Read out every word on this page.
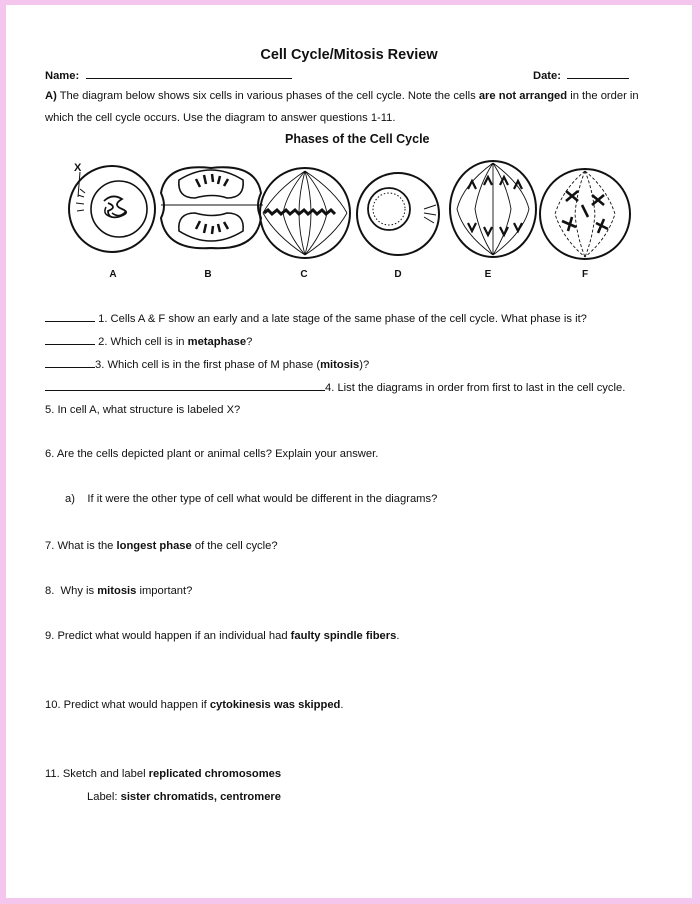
Cell Cycle/Mitosis Review
Name:	Date:
A) The diagram below shows six cells in various phases of the cell cycle. Note the cells are not arranged in the order in
which the cell cycle occurs. Use the diagram to answer questions 1-11.
Phases of the Cell Cycle
X
A	B	C	D	E	F
1. Cells A & F show an early and a late stage of the same phase of the cell cycle. What phase is it?
2. Which cell is in metaphase?
3. Which cell is in the first phase of M phase (mitosis)?
4. List the diagrams in order from first to last in the cell cycle.
5. In cell A, what structure is labeled X?
6. Are the cells depicted plant or animal cells? Explain your answer.
a) If it were the other type of cell what would be different in the diagrams?
7. What is the longest phase of the cell cycle?
8.  Why is mitosis important?
9. Predict what would happen if an individual had faulty spindle fibers.
10. Predict what would happen if cytokinesis was skipped.
11. Sketch and label replicated chromosomes
Label: sister chromatids, centromere
